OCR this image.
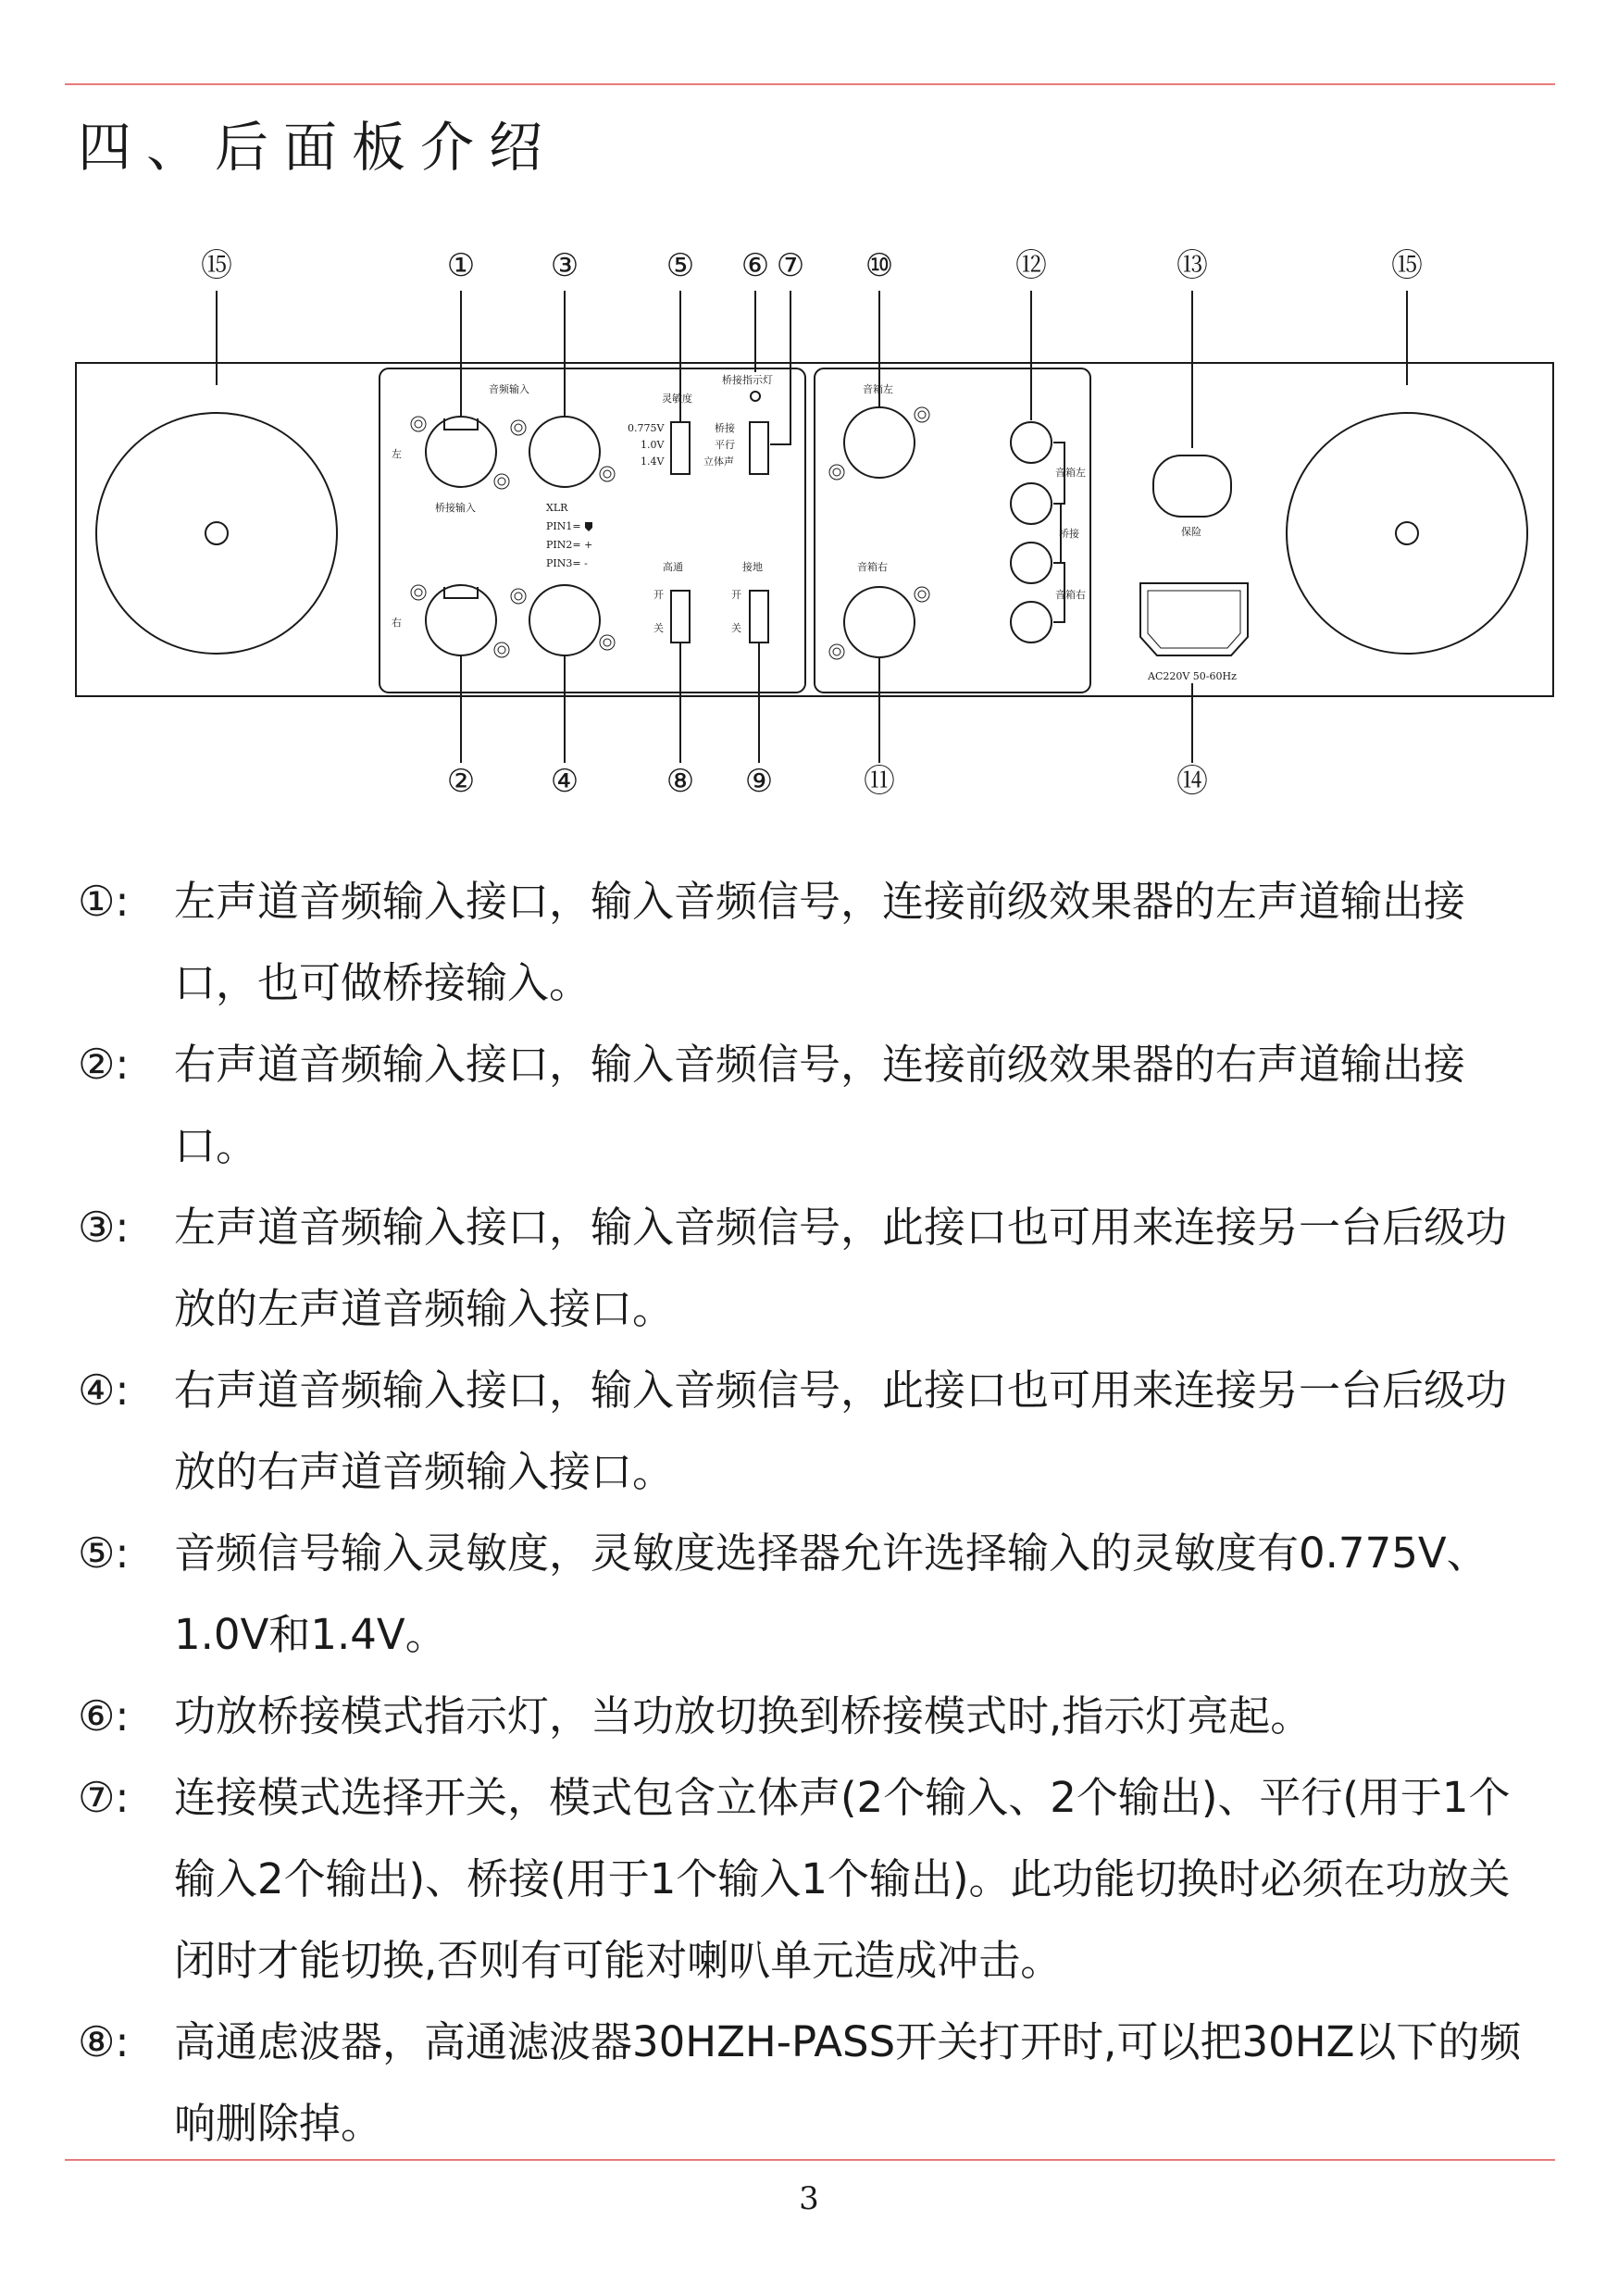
四、后面板介绍
⑮	① ③	⑤ ⑥ ⑦ ⑩	⑫	⑬	⑮
② ④	⑧ ⑨	⑪	⑭
音频输入
左
桥接输入	XLR
PIN1=
PIN2= +
PIN3= -
右
灵敏度
0.775V
1.0V
1.4V
桥接指示灯
桥接
平行
立体声
高通	接地
开
关
开
关
音箱左
音箱右
音箱左
桥接
音箱右
保险
AC220V 50-60Hz
①:	左声道音频输入接口，输入音频信号，连接前级效果器的左声道输出接口，也可做桥接输入。
②:	右声道音频输入接口，输入音频信号，连接前级效果器的右声道输出接口。
③:	左声道音频输入接口，输入音频信号，此接口也可用来连接另一台后级功放的左声道音频输入接口。
④:	右声道音频输入接口，输入音频信号，此接口也可用来连接另一台后级功放的右声道音频输入接口。
⑤:	音频信号输入灵敏度，灵敏度选择器允许选择输入的灵敏度有0.775V、1.0V和1.4V。
⑥:	功放桥接模式指示灯，当功放切换到桥接模式时,指示灯亮起。
⑦:	连接模式选择开关，模式包含立体声(2个输入、2个输出)、平行(用于1个输入2个输出)、桥接(用于1个输入1个输出)。此功能切换时必须在功放关闭时才能切换,否则有可能对喇叭单元造成冲击。
⑧:	高通虑波器，高通滤波器30HZH-PASS开关打开时,可以把30HZ以下的频响删除掉。
3
